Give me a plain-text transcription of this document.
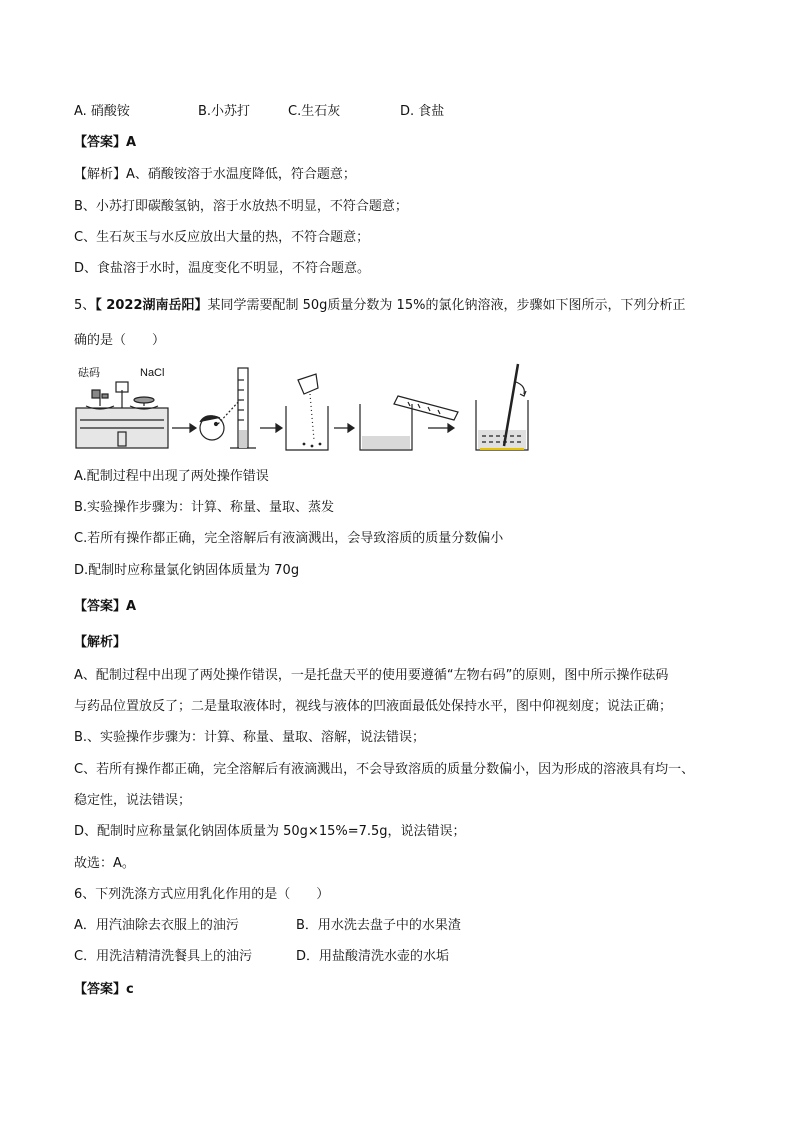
A. 硝酸铵	B.小苏打	C.生石灰	D. 食盐
【答案】A
【解析】A、硝酸铵溶于水温度降低，符合题意；
B、小苏打即碳酸氢钠，溶于水放热不明显，不符合题意；
C、生石灰玉与水反应放出大量的热，不符合题意；
D、食盐溶于水时，温度变化不明显，不符合题意。
5、【 2022湖南岳阳】某同学需要配制 50g质量分数为 15%的氯化钠溶液，步骤如下图所示，下列分析正
确的是（　　）
砝码	NaCl
A.配制过程中出现了两处操作错误
B.实验操作步骤为：计算、称量、量取、蒸发
C.若所有操作都正确，完全溶解后有液滴溅出，会导致溶质的质量分数偏小
D.配制时应称量氯化钠固体质量为 70g
【答案】A
【解析】
A、配制过程中出现了两处操作错误，一是托盘天平的使用要遵循“左物右码”的原则，图中所示操作砝码
与药品位置放反了；二是量取液体时，视线与液体的凹液面最低处保持水平，图中仰视刻度；说法正确；
B.、实验操作步骤为：计算、称量、量取、溶解，说法错误；
C、若所有操作都正确，完全溶解后有液滴溅出，不会导致溶质的质量分数偏小，因为形成的溶液具有均一、
稳定性，说法错误；
D、配制时应称量氯化钠固体质量为 50g×15%=7.5g，说法错误；
故选：A。
6、下列洗涤方式应用乳化作用的是（　　）
A．用汽油除去衣服上的油污	B．用水洗去盘子中的水果渣
C．用洗洁精清洗餐具上的油污	D．用盐酸清洗水壶的水垢
【答案】c
